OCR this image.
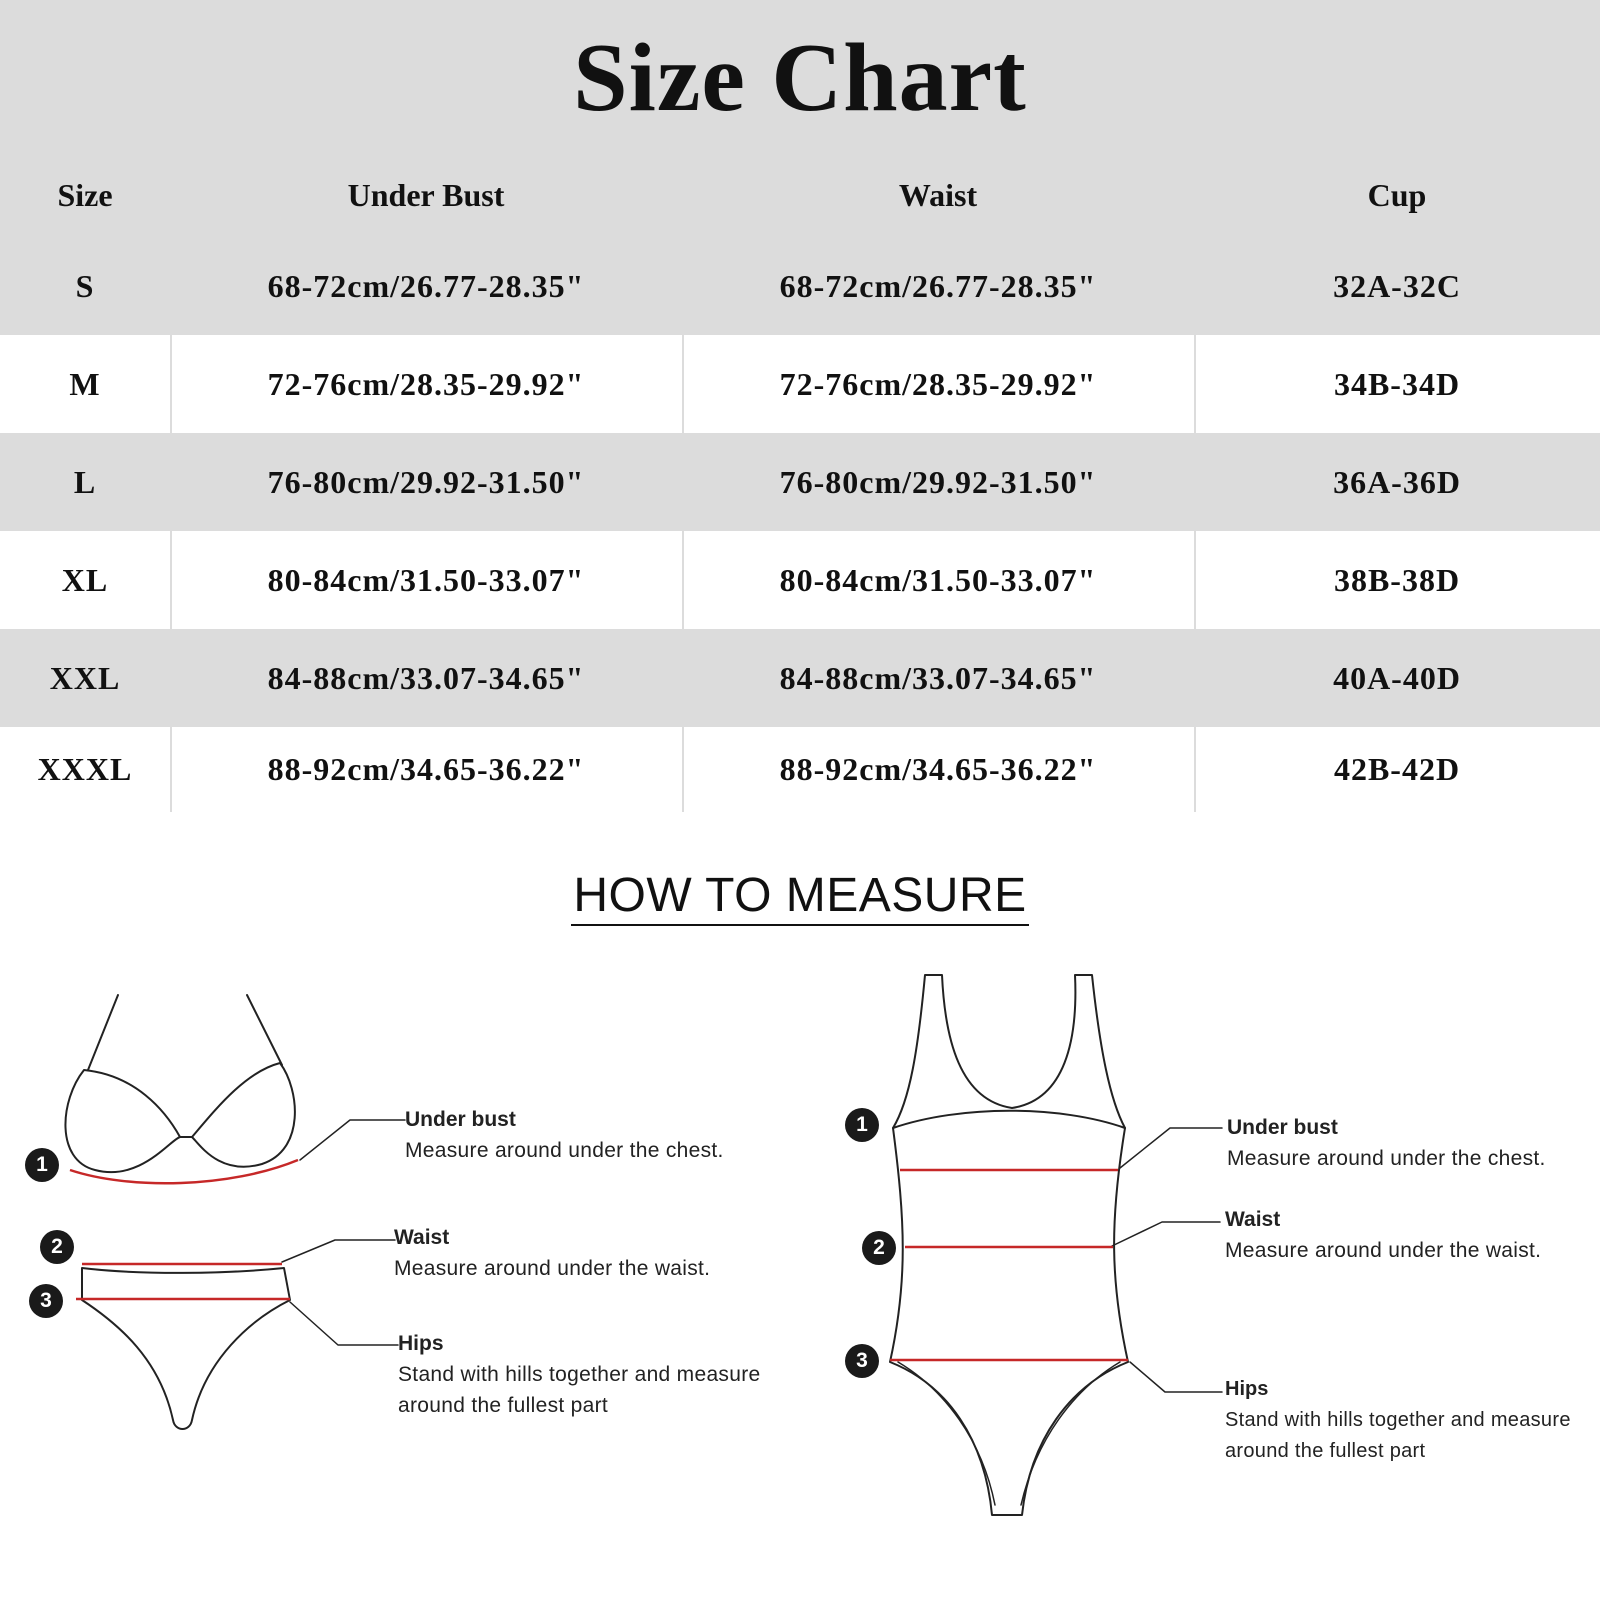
Size Chart
Size	Under Bust	Waist	Cup
S	68-72cm/26.77-28.35"	68-72cm/26.77-28.35"	32A-32C
M	72-76cm/28.35-29.92"	72-76cm/28.35-29.92"	34B-34D
L	76-80cm/29.92-31.50"	76-80cm/29.92-31.50"	36A-36D
XL	80-84cm/31.50-33.07"	80-84cm/31.50-33.07"	38B-38D
XXL	84-88cm/33.07-34.65"	84-88cm/33.07-34.65"	40A-40D
XXXL	88-92cm/34.65-36.22"	88-92cm/34.65-36.22"	42B-42D
HOW TO MEASURE
1
2
3
1
2
3
Under bust
Measure around under the chest.
Waist
Measure around under the waist.
Hips
Stand with hills together and measure
around the fullest part
Under bust
Measure around under the chest.
Waist
Measure around under the waist.
Hips
Stand with hills together and measure
around the fullest part
